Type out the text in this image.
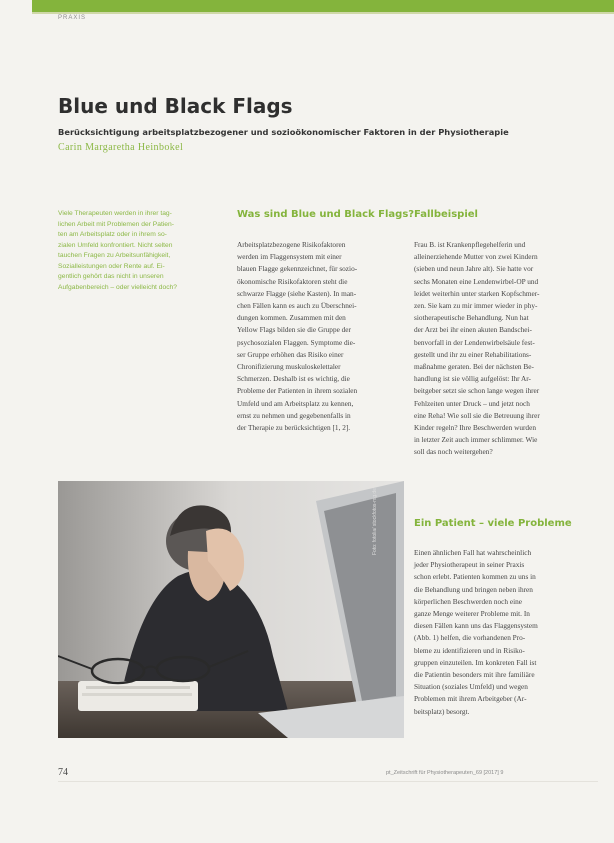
PRAXIS
Blue und Black Flags
Berücksichtigung arbeitsplatzbezogener und sozioökonomischer Faktoren in der Physiotherapie
Carin Margaretha Heinbokel
Viele Therapeuten werden in ihrer tag-
lichen Arbeit mit Problemen der Patien-
ten am Arbeitsplatz oder in ihrem so-
zialen Umfeld konfrontiert. Nicht selten
tauchen Fragen zu Arbeitsunfähigkeit,
Sozialleistungen oder Rente auf. Ei-
gentlich gehört das nicht in unseren
Aufgabenbereich – oder vielleicht doch?
Was sind Blue und Black Flags?
Arbeitsplatzbezogene Risikofaktoren
werden im Flaggensystem mit einer
blauen Flagge gekennzeichnet, für sozio-
ökonomische Risikofaktoren steht die
schwarze Flagge (siehe Kasten). In man-
chen Fällen kann es auch zu Überschnei-
dungen kommen. Zusammen mit den
Yellow Flags bilden sie die Gruppe der
psychosozialen Flaggen. Symptome die-
ser Gruppe erhöhen das Risiko einer
Chronifizierung muskuloskelettaler
Schmerzen. Deshalb ist es wichtig, die
Probleme der Patienten in ihrem sozialen
Umfeld und am Arbeitsplatz zu kennen,
ernst zu nehmen und gegebenenfalls in
der Therapie zu berücksichtigen [1, 2].
Fallbeispiel
Frau B. ist Krankenpflegehelferin und
alleinerziehende Mutter von zwei Kindern
(sieben und neun Jahre alt). Sie hatte vor
sechs Monaten eine Lendenwirbel-OP und
leidet weiterhin unter starken Kopfschmer-
zen. Sie kam zu mir immer wieder in phy-
siotherapeutische Behandlung. Nun hat
der Arzt bei ihr einen akuten Bandschei-
benvorfall in der Lendenwirbelsäule fest-
gestellt und ihr zu einer Rehabilitations-
maßnahme geraten. Bei der nächsten Be-
handlung ist sie völlig aufgelöst: Ihr Ar-
beitgeber setzt sie schon lange wegen ihrer
Fehlzeiten unter Druck – und jetzt noch
eine Reha! Wie soll sie die Betreuung ihrer
Kinder regeln? Ihre Beschwerden wurden
in letzter Zeit auch immer schlimmer. Wie
soll das noch weitergehen?
Ein Patient – viele Probleme
Einen ähnlichen Fall hat wahrscheinlich
jeder Physiotherapeut in seiner Praxis
schon erlebt. Patienten kommen zu uns in
die Behandlung und bringen neben ihren
körperlichen Beschwerden noch eine
ganze Menge weiterer Probleme mit. In
diesen Fällen kann uns das Flaggensystem
(Abb. 1) helfen, die vorhandenen Pro-
bleme zu identifizieren und in Risiko-
gruppen einzuteilen. Im konkreten Fall ist
die Patientin besonders mit ihre familiäre
Situation (soziales Umfeld) und wegen
Problemen mit ihrem Arbeitgeber (Ar-
beitsplatz) besorgt.
Foto: fotolia/ stockfotos-mg.de
74	pt_Zeitschrift für Physiotherapeuten_69 [2017] 9
